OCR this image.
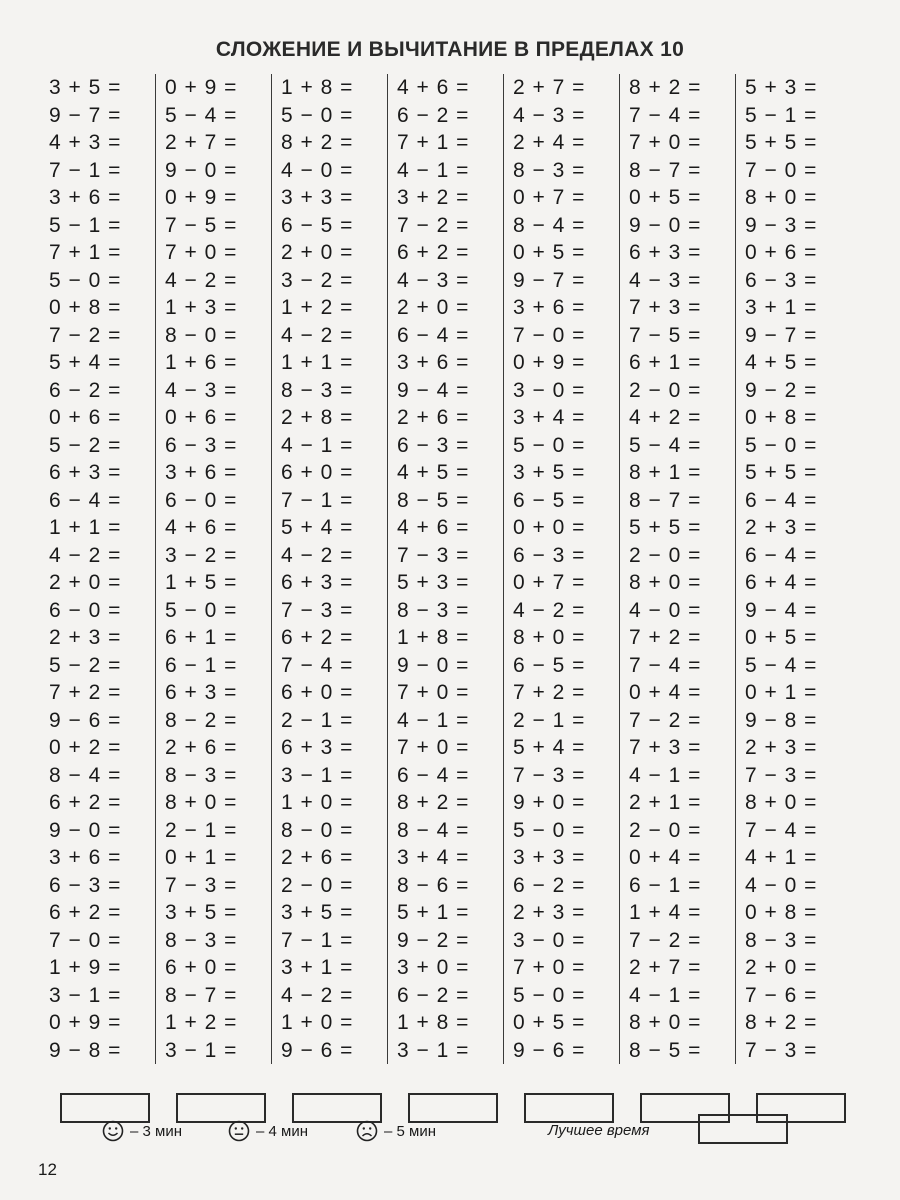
СЛОЖЕНИЕ И ВЫЧИТАНИЕ В ПРЕДЕЛАХ 10
3 + 5 =
9 − 7 =
4 + 3 =
7 − 1 =
3 + 6 =
5 − 1 =
7 + 1 =
5 − 0 =
0 + 8 =
7 − 2 =
5 + 4 =
6 − 2 =
0 + 6 =
5 − 2 =
6 + 3 =
6 − 4 =
1 + 1 =
4 − 2 =
2 + 0 =
6 − 0 =
2 + 3 =
5 − 2 =
7 + 2 =
9 − 6 =
0 + 2 =
8 − 4 =
6 + 2 =
9 − 0 =
3 + 6 =
6 − 3 =
6 + 2 =
7 − 0 =
1 + 9 =
3 − 1 =
0 + 9 =
9 − 8 =
0 + 9 =
5 − 4 =
2 + 7 =
9 − 0 =
0 + 9 =
7 − 5 =
7 + 0 =
4 − 2 =
1 + 3 =
8 − 0 =
1 + 6 =
4 − 3 =
0 + 6 =
6 − 3 =
3 + 6 =
6 − 0 =
4 + 6 =
3 − 2 =
1 + 5 =
5 − 0 =
6 + 1 =
6 − 1 =
6 + 3 =
8 − 2 =
2 + 6 =
8 − 3 =
8 + 0 =
2 − 1 =
0 + 1 =
7 − 3 =
3 + 5 =
8 − 3 =
6 + 0 =
8 − 7 =
1 + 2 =
3 − 1 =
1 + 8 =
5 − 0 =
8 + 2 =
4 − 0 =
3 + 3 =
6 − 5 =
2 + 0 =
3 − 2 =
1 + 2 =
4 − 2 =
1 + 1 =
8 − 3 =
2 + 8 =
4 − 1 =
6 + 0 =
7 − 1 =
5 + 4 =
4 − 2 =
6 + 3 =
7 − 3 =
6 + 2 =
7 − 4 =
6 + 0 =
2 − 1 =
6 + 3 =
3 − 1 =
1 + 0 =
8 − 0 =
2 + 6 =
2 − 0 =
3 + 5 =
7 − 1 =
3 + 1 =
4 − 2 =
1 + 0 =
9 − 6 =
4 + 6 =
6 − 2 =
7 + 1 =
4 − 1 =
3 + 2 =
7 − 2 =
6 + 2 =
4 − 3 =
2 + 0 =
6 − 4 =
3 + 6 =
9 − 4 =
2 + 6 =
6 − 3 =
4 + 5 =
8 − 5 =
4 + 6 =
7 − 3 =
5 + 3 =
8 − 3 =
1 + 8 =
9 − 0 =
7 + 0 =
4 − 1 =
7 + 0 =
6 − 4 =
8 + 2 =
8 − 4 =
3 + 4 =
8 − 6 =
5 + 1 =
9 − 2 =
3 + 0 =
6 − 2 =
1 + 8 =
3 − 1 =
2 + 7 =
4 − 3 =
2 + 4 =
8 − 3 =
0 + 7 =
8 − 4 =
0 + 5 =
9 − 7 =
3 + 6 =
7 − 0 =
0 + 9 =
3 − 0 =
3 + 4 =
5 − 0 =
3 + 5 =
6 − 5 =
0 + 0 =
6 − 3 =
0 + 7 =
4 − 2 =
8 + 0 =
6 − 5 =
7 + 2 =
2 − 1 =
5 + 4 =
7 − 3 =
9 + 0 =
5 − 0 =
3 + 3 =
6 − 2 =
2 + 3 =
3 − 0 =
7 + 0 =
5 − 0 =
0 + 5 =
9 − 6 =
8 + 2 =
7 − 4 =
7 + 0 =
8 − 7 =
0 + 5 =
9 − 0 =
6 + 3 =
4 − 3 =
7 + 3 =
7 − 5 =
6 + 1 =
2 − 0 =
4 + 2 =
5 − 4 =
8 + 1 =
8 − 7 =
5 + 5 =
2 − 0 =
8 + 0 =
4 − 0 =
7 + 2 =
7 − 4 =
0 + 4 =
7 − 2 =
7 + 3 =
4 − 1 =
2 + 1 =
2 − 0 =
0 + 4 =
6 − 1 =
1 + 4 =
7 − 2 =
2 + 7 =
4 − 1 =
8 + 0 =
8 − 5 =
5 + 3 =
5 − 1 =
5 + 5 =
7 − 0 =
8 + 0 =
9 − 3 =
0 + 6 =
6 − 3 =
3 + 1 =
9 − 7 =
4 + 5 =
9 − 2 =
0 + 8 =
5 − 0 =
5 + 5 =
6 − 4 =
2 + 3 =
6 − 4 =
6 + 4 =
9 − 4 =
0 + 5 =
5 − 4 =
0 + 1 =
9 − 8 =
2 + 3 =
7 − 3 =
8 + 0 =
7 − 4 =
4 + 1 =
4 − 0 =
0 + 8 =
8 − 3 =
2 + 0 =
7 − 6 =
8 + 2 =
7 − 3 =
– 3 мин	– 4 мин	– 5 мин	Лучшее время
12
